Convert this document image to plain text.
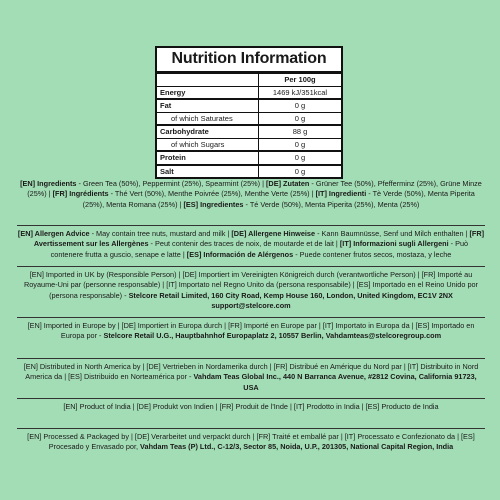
Nutrition Information
Per 100g
Energy	1469 kJ/351kcal
Fat	0 g
of which Saturates	0 g
Carbohydrate	88 g
of which Sugars	0 g
Protein	0 g
Salt	0 g

[EN] Ingredients - Green Tea (50%), Peppermint (25%), Spearmint (25%) | [DE] Zutaten - Grüner Tee (50%), Pfefferminz (25%), Grüne Minze (25%) | [FR] Ingrédients - Thé Vert (50%), Menthe Poivrée (25%), Menthe Verte (25%) | [IT] Ingredienti - Tè Verde (50%), Menta Piperita (25%), Menta Romana (25%) | [ES] Ingredientes - Té Verde (50%), Menta Piperita (25%), Menta (25%)

[EN] Allergen Advice - May contain tree nuts, mustard and milk | [DE] Allergene Hinweise - Kann Baumnüsse, Senf und Milch enthalten | [FR] Avertissement sur les Allergènes - Peut contenir des traces de noix, de moutarde et de lait | [IT] Informazioni sugli Allergeni - Può contenere frutta a guscio, senape e latte | [ES] Información de Alérgenos - Puede contener frutos secos, mostaza, y leche

[EN] Imported in UK by (Responsible Person) | [DE] Importiert im Vereinigten Königreich durch (verantwortliche Person) | [FR] Importé au Royaume-Uni par (personne responsable) | [IT] Importato nel Regno Unito da (persona responsabile) | [ES] Importado en el Reino Unido por (persona responsable) - Stelcore Retail Limited, 160 City Road, Kemp House 160, London, United Kingdom, EC1V 2NX support@stelcore.com

[EN] Imported in Europe by | [DE] Importiert in Europa durch | [FR] Importé en Europe par | [IT] Importato in Europa da | [ES] Importado en Europa por - Stelcore Retail U.G., Hauptbahnhof Europaplatz 2, 10557 Berlin, Vahdamteas@stelcoregroup.com

[EN] Distributed in North America by | [DE] Vertrieben in Nordamerika durch | [FR] Distribué en Amérique du Nord par | [IT] Distribuito in Nord America da | [ES] Distribuido en Norteamérica por - Vahdam Teas Global Inc., 440 N Barranca Avenue, #2812 Covina, California 91723, USA

[EN] Product of India | [DE] Produkt von Indien | [FR] Produit de l'Inde | [IT] Prodotto in India | [ES] Producto de India

[EN] Processed & Packaged by | [DE] Verarbeitet und verpackt durch | [FR] Traité et emballé par | [IT] Processato e Confezionato da | [ES] Procesado y Envasado por, Vahdam Teas (P) Ltd., C-12/3, Sector 85, Noida, U.P., 201305, National Capital Region, India
